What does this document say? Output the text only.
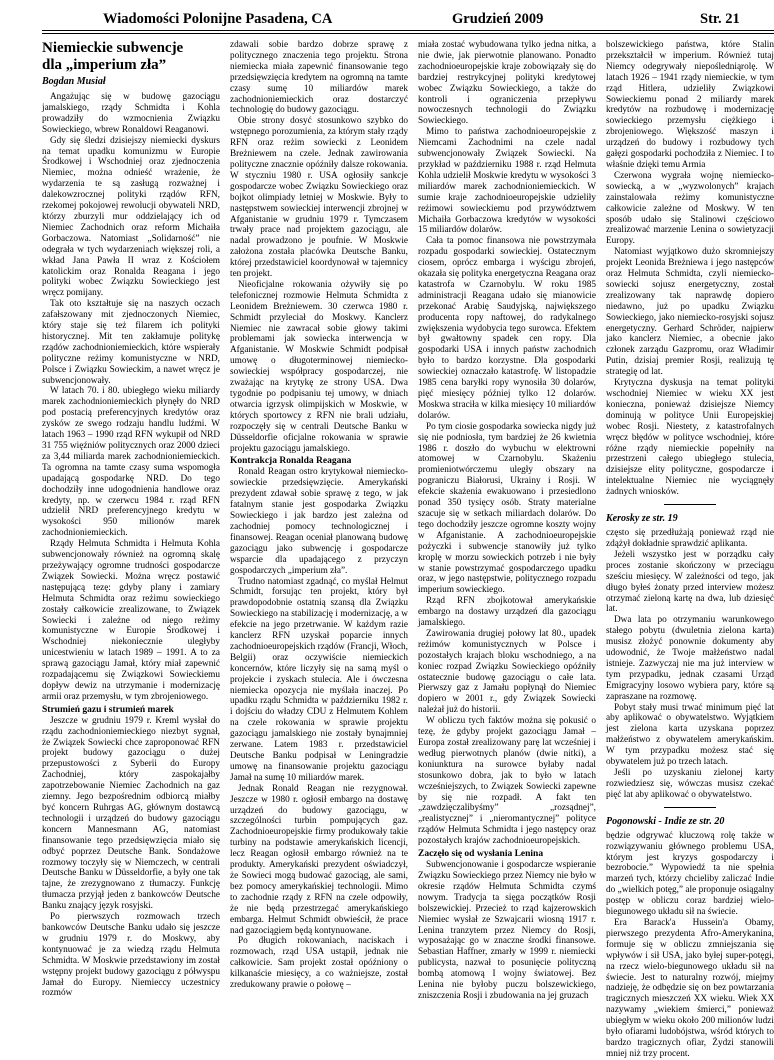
Wiadomości Polonijne Pasadena, CA	Grudzień 2009	Str. 21
Niemieckie subwencje
dla „imperium zła”
Bogdan Musiał

Angażując się w budowę gazociągu jamalskiego, rządy Schmidta i Kohla prowadziły do wzmocnienia Związku Sowieckiego, wbrew Ronaldowi Reaganowi.

Gdy się śledzi dzisiejszy niemiecki dyskurs na temat upadku komunizmu w Europie Środkowej i Wschodniej oraz zjednoczenia Niemiec, można odnieść wrażenie, że wydarzenia te są zasługą rozważnej i dalekowzrocznej polityki rządów RFN, rzekomej pokojowej rewolucji obywateli NRD, którzy zburzyli mur oddzielający ich od Niemiec Zachodnich oraz reform Michaiła Gorbaczowa. Natomiast „Solidarność” nie odegrała w tych wydarzeniach większej roli, a wkład Jana Pawła II wraz z Kościołem katolickim oraz Ronalda Reagana i jego polityki wobec Związku Sowieckiego jest wręcz pomijany.

Tak oto kształtuje się na naszych oczach zafałszowany mit zjednoczonych Niemiec, który staje się też filarem ich polityki historycznej. Mit ten zakłamuje politykę rządów zachodnioniemieckich, które wspierały polityczne reżimy komunistyczne w NRD, Polsce i Związku Sowieckim, a nawet wręcz je subwencjonowały.

W latach 70. i 80. ubiegłego wieku miliardy marek zachodnioniemieckich płynęły do NRD pod postacią preferencyjnych kredytów oraz zysków ze swego rodzaju handlu ludźmi. W latach 1963 – 1990 rząd RFN wykupił od NRD 31 755 więźniów politycznych oraz 2000 dzieci za 3,44 miliarda marek zachodnioniemieckich. Ta ogromna na tamte czasy suma wspomogła upadającą gospodarkę NRD. Do tego dochodziły inne udogodnienia handlowe oraz kredyty, np. w czerwcu 1984 r. rząd RFN udzielił NRD preferencyjnego kredytu w wysokości 950 milionów marek zachodnioniemieckich.

Rządy Helmuta Schmidta i Helmuta Kohla subwencjonowały również na ogromną skalę przeżywający ogromne trudności gospodarcze Związek Sowiecki. Można wręcz postawić następującą tezę: gdyby plany i zamiary Helmuta Schmidta oraz reżimu sowieckiego zostały całkowicie zrealizowane, to Związek Sowiecki i zależne od niego reżimy komunistyczne w Europie Środkowej i Wschodniej niekoniecznie uległyby unicestwieniu w latach 1989 – 1991. A to za sprawą gazociągu Jamał, który miał zapewnić rozpadającemu się Związkowi Sowieckiemu dopływ dewiz na utrzymanie i modernizację armii oraz przemysłu, w tym zbrojeniowego.

Strumień gazu i strumień marek

Jeszcze w grudniu 1979 r. Kreml wysłał do rządu zachodnioniemieckiego niezbyt sygnał, że Związek Sowiecki chce zaproponować RFN projekt budowy gazociągu o dużej przepustowości z Syberii do Europy Zachodniej, który zaspokajałby zapotrzebowanie Niemiec Zachodnich na gaz ziemny. Jego bezpośrednim odbiorcą miałby być koncern Ruhrgas AG, głównym dostawcą technologii i urządzeń do budowy gazociągu koncern Mannesmann AG, natomiast finansowanie tego przedsięwzięcia miało się odbyć poprzez Deutsche Bank. Sondażowe rozmowy toczyły się w Niemczech, w centrali Deutsche Banku w Düsseldorfie, a były one tak tajne, że zrezygnowano z tłumaczy. Funkcję tłumacza przyjął jeden z bankowców Deutsche Banku znający język rosyjski.

Po pierwszych rozmowach trzech bankowców Deutsche Banku udało się jeszcze w grudniu 1979 r. do Moskwy, aby kontynuować je za wiedzą rządu Helmuta Schmidta. W Moskwie przedstawiony im został wstępny projekt budowy gazociągu z półwyspu Jamał do Europy. Niemieccy uczestnicy rozmów

zdawali sobie bardzo dobrze sprawę z politycznego znaczenia tego projektu. Strona niemiecka miała zapewnić finansowanie tego przedsięwzięcia kredytem na ogromną na tamte czasy sumę 10 miliardów marek zachodnioniemieckich oraz dostarczyć technologię do budowy gazociągu.

Obie strony dosyć stosunkowo szybko do wstępnego porozumienia, za którym stały rządy RFN oraz reżim sowiecki z Leonidem Breżniewem na czele. Jednak zawirowania polityczne znacznie opóźniły dalsze rokowania. W styczniu 1980 r. USA ogłosiły sankcje gospodarcze wobec Związku Sowieckiego oraz bojkot olimpiady letniej w Moskwie. Były to następstwem sowieckiej interwencji zbrojnej w Afganistanie w grudniu 1979 r. Tymczasem trwały prace nad projektem gazociągu, ale nadal prowadzono je poufnie. W Moskwie założona została placówka Deutsche Banku, której przedstawiciel koordynował w tajemnicy ten projekt.

Nieoficjalne rokowania ożywiły się po telefonicznej rozmowie Helmuta Schmidta z Leonidem Breżniewem. 30 czerwca 1980 r. Schmidt przyleciał do Moskwy. Kanclerz Niemiec nie zawracał sobie głowy takimi problemami jak sowiecka interwencja w Afganistanie. W Moskwie Schmidt podpisał umowę o długoterminowej niemiecko-sowieckiej współpracy gospodarczej, nie zważając na krytykę ze strony USA. Dwa tygodnie po podpisaniu tej umowy, w dniach otwarcia igrzysk olimpijskich w Moskwie, w których sportowcy z RFN nie brali udziału, rozpoczęły się w centrali Deutsche Banku w Düsseldorfie oficjalne rokowania w sprawie projektu gazociągu jamalskiego.

Kontrakcja Ronalda Reagana

Ronald Reagan ostro krytykował niemiecko-sowieckie przedsięwzięcie. Amerykański prezydent zdawał sobie sprawę z tego, w jak fatalnym stanie jest gospodarka Związku Sowieckiego i jak bardzo jest zależna od zachodniej pomocy technologicznej i finansowej. Reagan oceniał planowaną budowę gazociągu jako subwencję i gospodarcze wsparcie dla upadającego z przyczyn gospodarczych „imperium zła”.

Trudno natomiast zgadnąć, co myślał Helmut Schmidt, forsując ten projekt, który był prawdopodobnie ostatnią szansą dla Związku Sowieckiego na stabilizację i modernizację, a w efekcie na jego przetrwanie. W każdym razie kanclerz RFN uzyskał poparcie innych zachodnioeuropejskich rządów (Francji, Włoch, Belgii) oraz oczywiście niemieckich koncernów, które liczyły się na samą myśl o projekcie i zyskach stulecia. Ale i ówczesna niemiecka opozycja nie myślała inaczej. Po upadku rządu Schmidta w październiku 1982 r. i dojściu do władzy CDU z Helmutem Kohlem na czele rokowania w sprawie projektu gazociągu jamalskiego nie zostały bynajmniej zerwane. Latem 1983 r. przedstawiciel Deutsche Banku podpisał w Leningradzie umowę na finansowanie projektu gazociągu Jamał na sumę 10 miliardów marek.

Jednak Ronald Reagan nie rezygnował. Jeszcze w 1980 r. ogłosił embargo na dostawę urządzeń do budowy gazociągu, w szczególności turbin pompujących gaz. Zachodnioeuropejskie firmy produkowały takie turbiny na podstawie amerykańskich licencji, lecz Reagan ogłosił embargo również na te produkty. Amerykański prezydent oświadczył, że Sowieci mogą budować gazociąg, ale sami, bez pomocy amerykańskiej technologii. Mimo to zachodnie rządy z RFN na czele odpowiły, że nie będą przestrzegać amerykańskiego embarga. Helmut Schmidt obwieścił, że prace nad gazociągiem będą kontynuowane.

Po długich rokowaniach, naciskach i rozmowach, rząd USA ustąpił, jednak nie całkowicie. Sam projekt został opóźniony o kilkanaście miesięcy, a co ważniejsze, został zredukowany prawie o połowę –

miała zostać wybudowana tylko jedna nitka, a nie dwie, jak pierwotnie planowano. Ponadto zachodnioeuropejskie kraje zobowiązały się do bardziej restrykcyjnej polityki kredytowej wobec Związku Sowieckiego, a także do kontroli i ograniczenia przepływu nowoczesnych technologii do Związku Sowieckiego.

Mimo to państwa zachodnioeuropejskie z Niemcami Zachodnimi na czele nadal subwencjonowały Związek Sowiecki. Na przykład w październiku 1988 r. rząd Helmuta Kohla udzielił Moskwie kredytu w wysokości 3 miliardów marek zachodnioniemieckich. W sumie kraje zachodnioeuropejskie udzieliły reżimowi sowieckiemu pod przywództwem Michaiła Gorbaczowa kredytów w wysokości 15 miliardów dolarów.

Cała ta pomoc finansowa nie powstrzymała rozpadu gospodarki sowieckiej. Ostatecznym ciosem, oprócz embarga i wyścigu zbrojeń, okazała się polityka energetyczna Reagana oraz katastrofa w Czarnobylu. W roku 1985 administracji Reagana udało się mianowicie przekonać Arabię Saudyjską, największego producenta ropy naftowej, do radykalnego zwiększenia wydobycia tego surowca. Efektem był gwałtowny spadek cen ropy. Dla gospodarki USA i innych państw zachodnich było to bardzo korzystne. Dla gospodarki sowieckiej oznaczało katastrofę. W listopadzie 1985 cena baryłki ropy wynosiła 30 dolarów, pięć miesięcy później tylko 12 dolarów. Moskwa straciła w kilka miesięcy 10 miliardów dolarów.

Po tym ciosie gospodarka sowiecka nigdy już się nie podniosła, tym bardziej że 26 kwietnia 1986 r. doszło do wybuchu w elektrowni atomowej w Czarnobylu. Skażeniu promieniotwórczemu uległy obszary na pograniczu Białorusi, Ukrainy i Rosji. W efekcie skażenia ewakuowano i przesiedlono ponad 350 tysięcy osób. Straty materialne szacuje się w setkach miliardach dolarów. Do tego dochodziły jeszcze ogromne koszty wojny w Afganistanie. A zachodnioeuropejskie pożyczki i subwencje stanowiły już tylko kroplę w morzu sowieckich potrzeb i nie były w stanie powstrzymać gospodarczego upadku oraz, w jego następstwie, politycznego rozpadu imperium sowieckiego.

Rząd RFN zbojkotował amerykańskie embargo na dostawy urządzeń dla gazociągu jamalskiego.

Zawirowania drugiej połowy lat 80., upadek reżimów komunistycznych w Polsce i pozostałych krajach bloku wschodniego, a na koniec rozpad Związku Sowieckiego opóźniły ostatecznie budowę gazociągu o całe lata. Pierwszy gaz z Jamału popłynął do Niemiec dopiero w 2001 r., gdy Związek Sowiecki należał już do historii.

W obliczu tych faktów można się pokusić o tezę, że gdyby projekt gazociągu Jamał – Europa został zrealizowany parę lat wcześniej i według pierwotnych planów (dwie nitki), a koniunktura na surowce byłaby nadal stosunkowo dobra, jak to było w latach wcześniejszych, to Związek Sowiecki zapewne by się nie rozpadł. A fakt ten „zawdzięczalibyśmy” „rozsądnej”, „realistycznej” i „nieromantycznej” polityce rządów Helmuta Schmidta i jego następcy oraz pozostałych krajów zachodnioeuropejskich.

Zaczęło się od wysłania Lenina

Subwencjonowanie i gospodarcze wspieranie Związku Sowieckiego przez Niemcy nie było w okresie rządów Helmuta Schmidta czymś nowym. Tradycja ta sięga początków Rosji bolszewickiej. Przecież to rząd kajzerowskich Niemiec wysłał ze Szwajcarii wiosną 1917 r. Lenina tranzytem przez Niemcy do Rosji, wyposażając go w znaczne środki finansowe. Sebastian Haffner, zmarły w 1999 r. niemiecki publicysta, nazwał to posunięcie polityczną bombą atomową I wojny światowej. Bez Lenina nie byłoby puczu bolszewickiego, zniszczenia Rosji i zbudowania na jej gruzach

bolszewickiego państwa, które Stalin przekształcił w imperium. Również tutaj Niemcy odegrywały niepośledniąrolę. W latach 1926 – 1941 rządy niemieckie, w tym rząd Hitlera, udzieliły Związkowi Sowieckiemu ponad 2 miliardy marek kredytów na rozbudowę i modernizację sowieckiego przemysłu ciężkiego i zbrojeniowego. Większość maszyn i urządzeń do budowy i rozbudowy tych gałęzi gospodarki pochodziła z Niemiec. I to właśnie dzięki temu Armia

Czerwona wygrała wojnę niemiecko-sowiecką, a w „wyzwolonych” krajach zainstalowała reżimy komunistyczne całkowicie zależne od Moskwy. W ten sposób udało się Stalinowi częściowo zrealizować marzenie Lenina o sowietyzacji Europy.

Natomiast wyjątkowo dużo skromniejszy projekt Leonida Breżniewa i jego następców oraz Helmuta Schmidta, czyli niemiecko-sowiecki sojusz energetyczny, został zrealizowany tak naprawdę dopiero niedawno, już po upadku Związku Sowieckiego, jako niemiecko-rosyjski sojusz energetyczny. Gerhard Schröder, najpierw jako kanclerz Niemiec, a obecnie jako członek zarządu Gazpromu, oraz Władimir Putin, dzisiaj premier Rosji, realizują tę strategię od lat.

Krytyczna dyskusja na temat polityki wschodniej Niemiec w wieku XX jest konieczna, ponieważ dzisiejsze Niemcy dominują w polityce Unii Europejskiej wobec Rosji. Niestety, z katastrofalnych wręcz błędów w polityce wschodniej, które różne rządy niemieckie popełniły na przestrzeni całego ubiegłego stulecia, dzisiejsze elity polityczne, gospodarcze i intelektualne Niemiec nie wyciągnęły żadnych wniosków.

Kerosky ze str. 19

często się przedłużają ponieważ rząd nie zdążył dokładnie sprawdzić aplikanta.

Jeżeli wszystko jest w porządku cały proces zostanie skończony w przeciągu sześciu miesięcy. W zależności od tego, jak długo byłeś żonaty przed interview możesz otrzymać zieloną kartę na dwa, lub dziesięć lat.

Dwa lata po otrzymaniu warunkowego stałego pobytu (dwuletnia zielona karta) musisz złożyć ponownie dokumenty aby udowodnić, że Twoje małżeństwo nadal istnieje. Zazwyczaj nie ma już interview w tym przypadku, jednak czasami Urząd Emigracyjny losowo wybiera pary, które są zapraszane na rozmowę.

Pobyt stały musi trwać minimum pięć lat aby aplikować o obywatelstwo. Wyjątkiem jest zielona karta uzyskana poprzez małżeństwo z obywatelem amerykańskim. W tym przypadku możesz stać się obywatelem już po trzech latach.

Jeśli po uzyskaniu zielonej karty rozwiedziesz się, wówczas musisz czekać pięć lat aby aplikować o obywatelstwo.

Pogonowski - Indie ze str. 20

będzie odgrywać kluczową rolę także w rozwiązywaniu głównego problemu USA, którym jest kryzys gospodarczy i bezrobocie.” Wypowiedź ta nie spełnia marzeń tych, którzy chcieliby zaliczać Indie do „wielkich potęg,” ale proponuje osiągalny postęp w obliczu coraz bardziej wielo-biegunowego układu sił na świecie.

Era Barack'a Hussein'a Obamy, pierwszego prezydenta Afro-Amerykanina, formuje się w obliczu zmniejszania się wpływów i sił USA, jako byłej super-potęgi, na rzecz wielo-biegunowego układu sił na świecie. Jest to naturalny rozwój, miejmy nadzieję, że odbędzie się on bez powtarzania tragicznych mieszczeń XX wieku. Wiek XX nazywamy „wiekiem śmierci,” ponieważ ubiegłym w wieku około 200 milionów ludzi było ofiarami ludobójstwa, wśród których to bardzo tragicznych ofiar, Żydzi stanowili mniej niż trzy procent.
